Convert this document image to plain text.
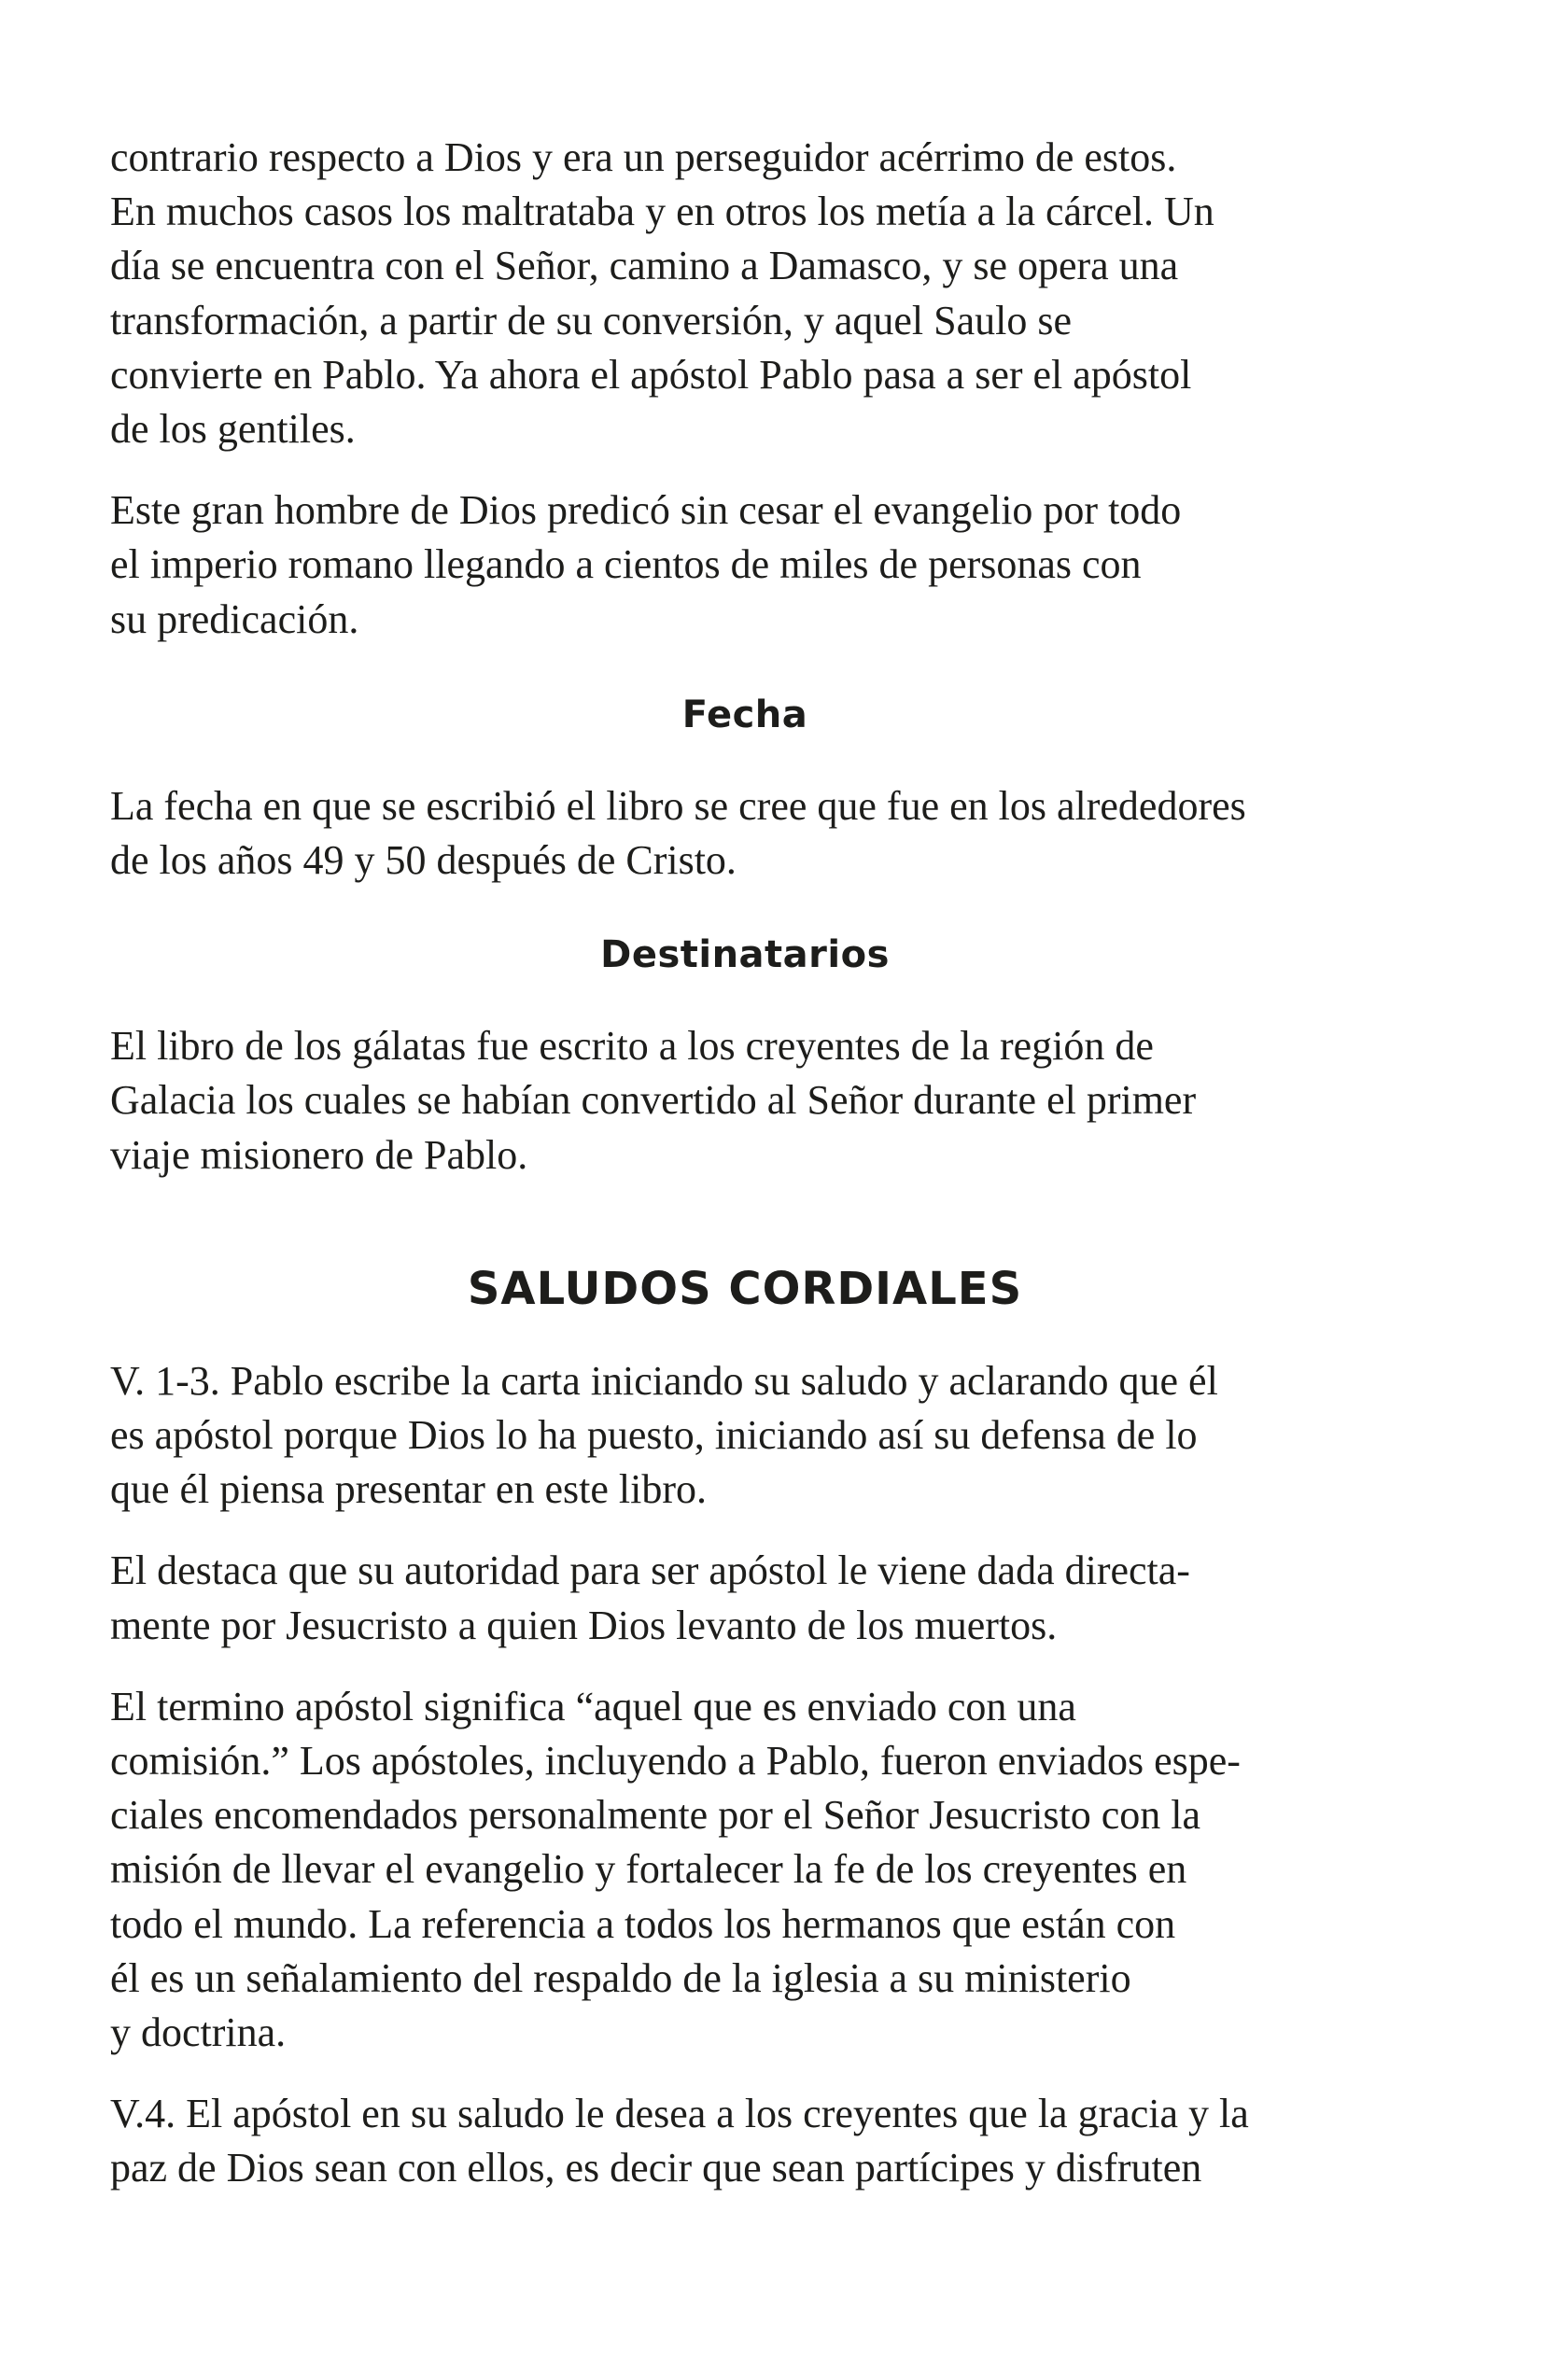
contrario respecto a Dios y era un perseguidor acérrimo de estos.
En muchos casos los maltrataba y en otros los metía a la cárcel. Un
día se encuentra con el Señor, camino a Damasco, y se opera una
transformación, a partir de su conversión, y aquel Saulo se
convierte en Pablo. Ya ahora el apóstol Pablo pasa a ser el apóstol
de los gentiles.

Este gran hombre de Dios predicó sin cesar el evangelio por todo
el imperio romano llegando a cientos de miles de personas con
su predicación.

Fecha

La fecha en que se escribió el libro se cree que fue en los alrededores
de los años 49 y 50 después de Cristo.

Destinatarios

El libro de los gálatas fue escrito a los creyentes de la región de
Galacia los cuales se habían convertido al Señor durante el primer
viaje misionero de Pablo.

SALUDOS CORDIALES

V. 1-3. Pablo escribe la carta iniciando su saludo y aclarando que él
es apóstol porque Dios lo ha puesto, iniciando así su defensa de lo
que él piensa presentar en este libro.

El destaca que su autoridad para ser apóstol le viene dada directa-
mente por Jesucristo a quien Dios levanto de los muertos.

El termino apóstol significa “aquel que es enviado con una
comisión.” Los apóstoles, incluyendo a Pablo, fueron enviados espe-
ciales encomendados personalmente por el Señor Jesucristo con la
misión de llevar el evangelio y fortalecer la fe de los creyentes en
todo el mundo. La referencia a todos los hermanos que están con
él es un señalamiento del respaldo de la iglesia a su ministerio
y doctrina.

V.4. El apóstol en su saludo le desea a los creyentes que la gracia y la
paz de Dios sean con ellos, es decir que sean partícipes y disfruten
